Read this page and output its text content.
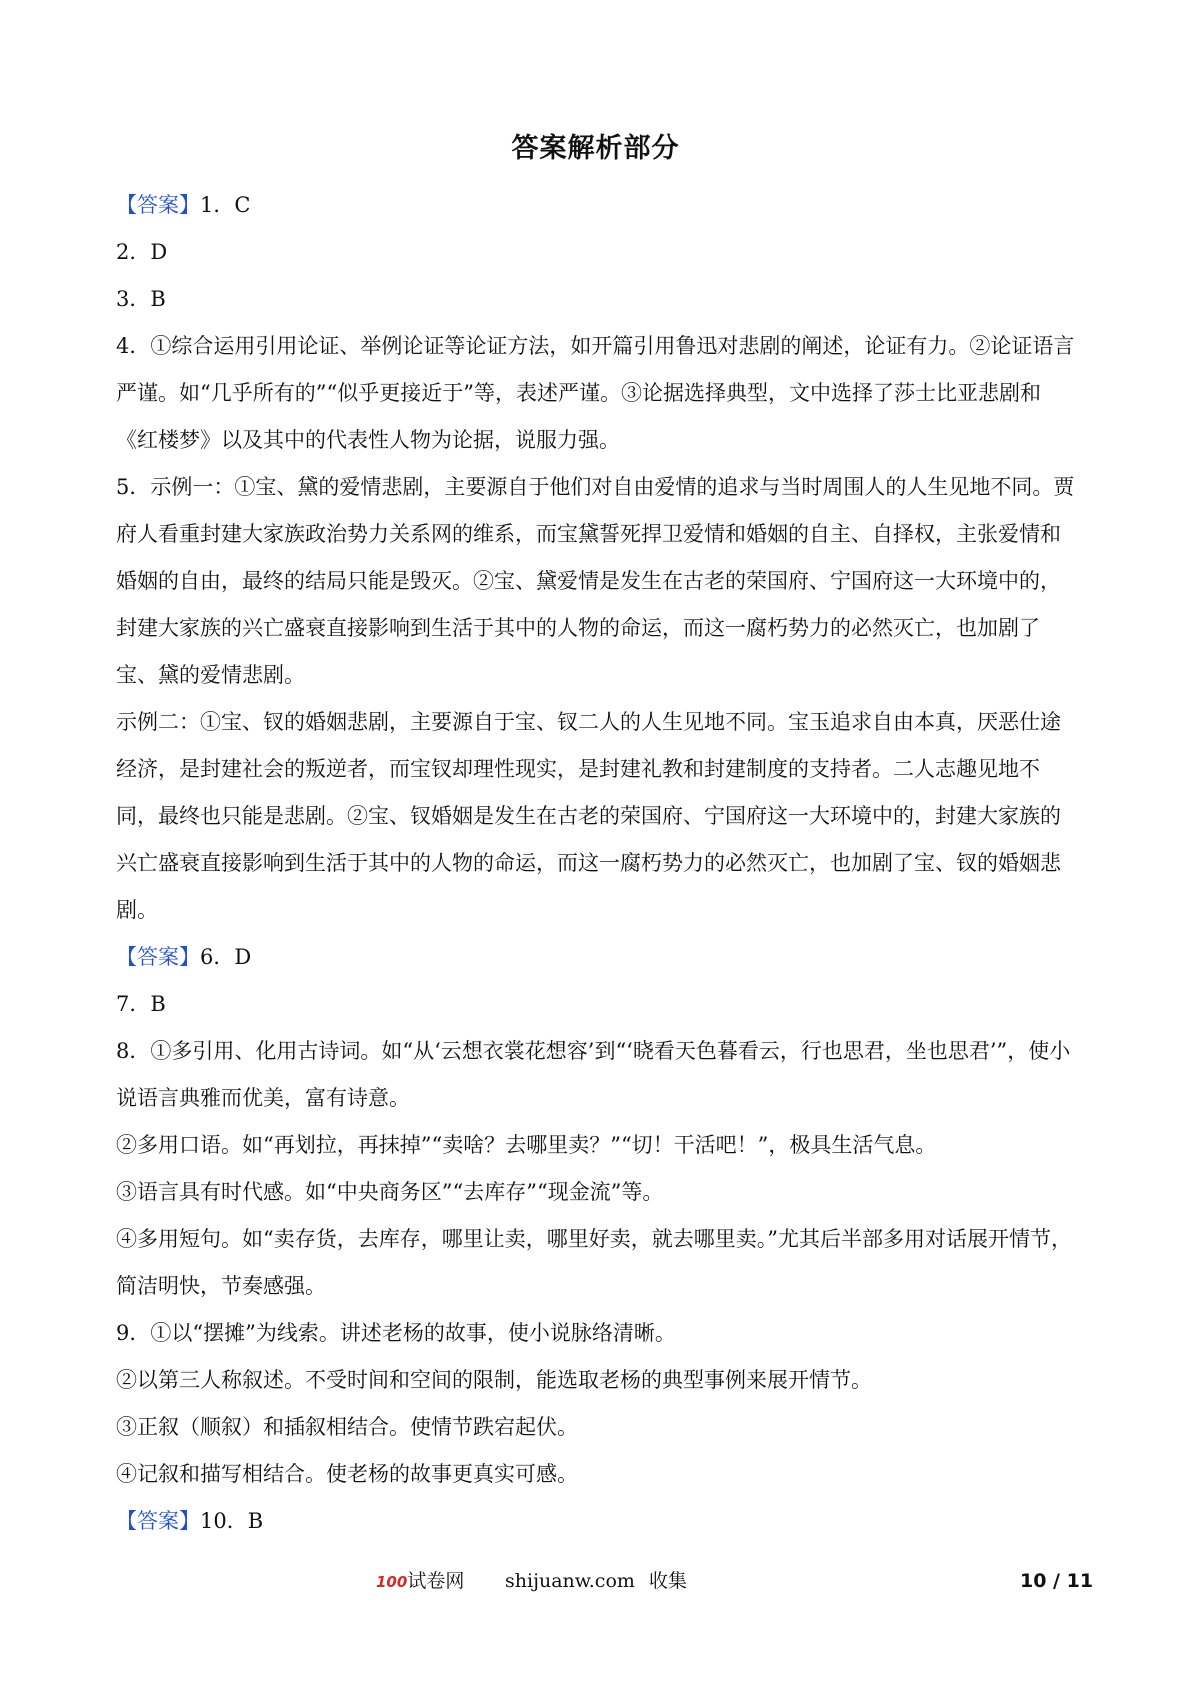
答案解析部分

【答案】1．C

2．D

3．B

4．①综合运用引用论证、举例论证等论证方法，如开篇引用鲁迅对悲剧的阐述，论证有力。②论证语言严谨。如“几乎所有的”“似乎更接近于”等，表述严谨。③论据选择典型，文中选择了莎士比亚悲剧和《红楼梦》以及其中的代表性人物为论据，说服力强。

5．示例一：①宝、黛的爱情悲剧，主要源自于他们对自由爱情的追求与当时周围人的人生见地不同。贾府人看重封建大家族政治势力关系网的维系，而宝黛誓死捍卫爱情和婚姻的自主、自择权，主张爱情和婚姻的自由，最终的结局只能是毁灭。②宝、黛爱情是发生在古老的荣国府、宁国府这一大环境中的，封建大家族的兴亡盛衰直接影响到生活于其中的人物的命运，而这一腐朽势力的必然灭亡，也加剧了宝、黛的爱情悲剧。

示例二：①宝、钗的婚姻悲剧，主要源自于宝、钗二人的人生见地不同。宝玉追求自由本真，厌恶仕途经济，是封建社会的叛逆者，而宝钗却理性现实，是封建礼教和封建制度的支持者。二人志趣见地不同，最终也只能是悲剧。②宝、钗婚姻是发生在古老的荣国府、宁国府这一大环境中的，封建大家族的兴亡盛衰直接影响到生活于其中的人物的命运，而这一腐朽势力的必然灭亡，也加剧了宝、钗的婚姻悲剧。

【答案】6．D

7．B

8．①多引用、化用古诗词。如“从‘云想衣裳花想容’到“‘晓看天色暮看云，行也思君，坐也思君’”，使小说语言典雅而优美，富有诗意。

②多用口语。如“再划拉，再抹掉”“卖啥？去哪里卖？”“切！干活吧！”，极具生活气息。

③语言具有时代感。如“中央商务区”“去库存”“现金流”等。

④多用短句。如“卖存货，去库存，哪里让卖，哪里好卖，就去哪里卖。”尤其后半部多用对话展开情节，简洁明快，节奏感强。

9．①以“摆摊”为线索。讲述老杨的故事，使小说脉络清晰。

②以第三人称叙述。不受时间和空间的限制，能选取老杨的典型事例来展开情节。

③正叙（顺叙）和插叙相结合。使情节跌宕起伏。

④记叙和描写相结合。使老杨的故事更真实可感。

【答案】10．B

100试卷网 shijuanw.com 收集	10 / 11
